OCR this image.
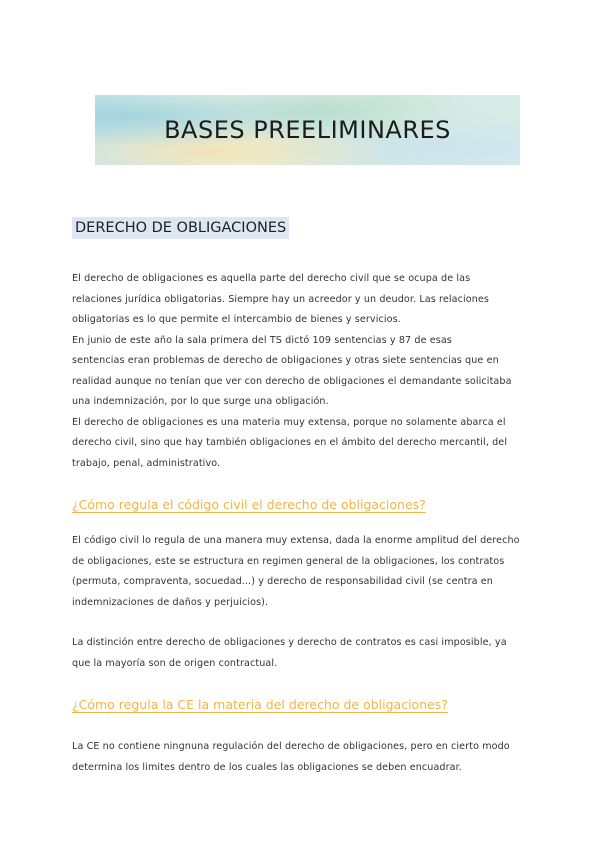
BASES PREELIMINARES
DERECHO DE OBLIGACIONES

El derecho de obligaciones es aquella parte del derecho civil que se ocupa de las
relaciones jurídica obligatorias. Siempre hay un acreedor y un deudor. Las relaciones
obligatorias es lo que permite el intercambio de bienes y servicios.
En junio de este año la sala primera del TS dictó 109 sentencias y 87 de esas
sentencias eran problemas de derecho de obligaciones y otras siete sentencias que en
realidad aunque no tenían que ver con derecho de obligaciones el demandante solicitaba
una indemnización, por lo que surge una obligación.
El derecho de obligaciones es una materia muy extensa, porque no solamente abarca el
derecho civil, sino que hay también obligaciones en el ámbito del derecho mercantil, del
trabajo, penal, administrativo.

¿Cómo regula el código civil el derecho de obligaciones?

El código civil lo regula de una manera muy extensa, dada la enorme amplitud del derecho
de obligaciones, este se estructura en regimen general de la obligaciones, los contratos
(permuta, compraventa, socuedad...) y derecho de responsabilidad civil (se centra en
indemnizaciones de daños y perjuicios).

La distinción entre derecho de obligaciones y derecho de contratos es casi imposible, ya
que la mayoría son de origen contractual.

¿Cómo regula la CE la materia del derecho de obligaciones?

La CE no contiene ningnuna regulación del derecho de obligaciones, pero en cierto modo
determina los limites dentro de los cuales las obligaciones se deben encuadrar.
